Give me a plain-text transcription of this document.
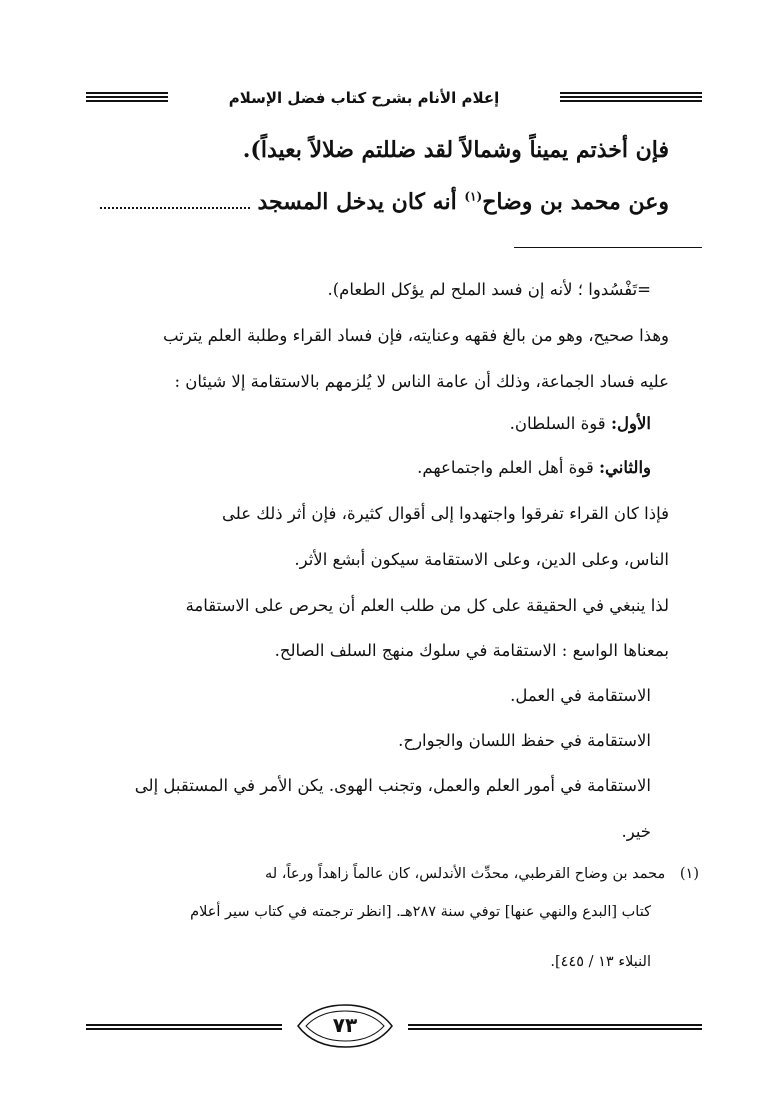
إعلام الأنام بشرح كتاب فضل الإسلام
فإن أخذتم يميناً وشمالاً لقد ضللتم ضلالاً بعيداً).
وعن محمد بن وضاح$^{(١)}$ أنه كان يدخل المسجد
=تَفْسُدوا ؛ لأنه إن فسد الملح لم يؤكل الطعام).
وهذا صحيح، وهو من بالغ فقهه وعنايته، فإن فساد القراء وطلبة العلم يترتب
عليه فساد الجماعة، وذلك أن عامة الناس لا يُلزمهم بالاستقامة إلا شيئان :
الأول: قوة السلطان.
والثاني: قوة أهل العلم واجتماعهم.
فإذا كان القراء تفرقوا واجتهدوا إلى أقوال كثيرة، فإن أثر ذلك على
الناس، وعلى الدين، وعلى الاستقامة سيكون أبشع الأثر.
لذا ينبغي في الحقيقة على كل من طلب العلم أن يحرص على الاستقامة
بمعناها الواسع : الاستقامة في سلوك منهج السلف الصالح.
الاستقامة في العمل.
الاستقامة في حفظ اللسان والجوارح.
الاستقامة في أمور العلم والعمل، وتجنب الهوى. يكن الأمر في المستقبل إلى
خير.
(١) محمد بن وضاح القرطبي، محدِّث الأندلس، كان عالماً زاهداً ورعاً، له
كتاب [البدع والنهي عنها] توفي سنة ٢٨٧هـ. [انظر ترجمته في كتاب سير أعلام
النبلاء ١٣ / ٤٤٥].
٧٣
